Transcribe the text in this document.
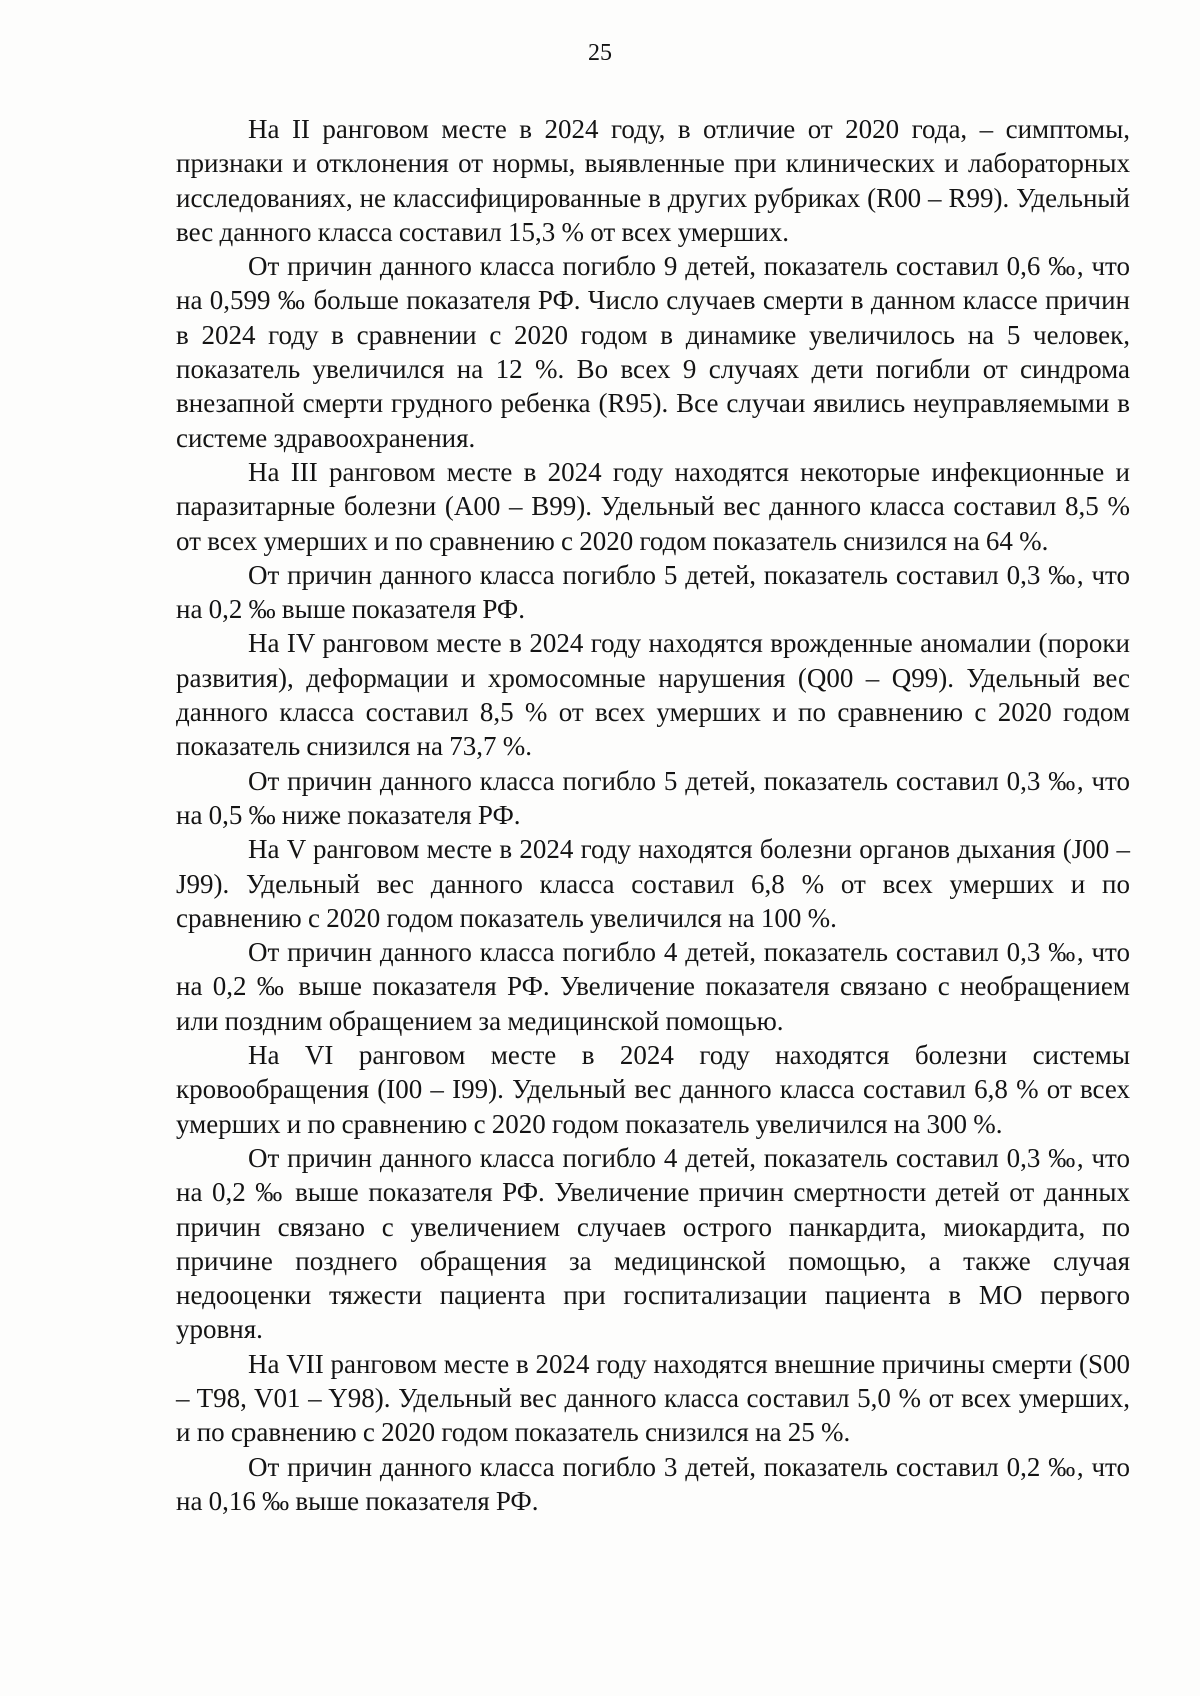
25

На II ранговом месте в 2024 году, в отличие от 2020 года, – симптомы, признаки и отклонения от нормы, выявленные при клинических и лабораторных исследованиях, не классифицированные в других рубриках (R00 – R99). Удельный вес данного класса составил 15,3 % от всех умерших.

От причин данного класса погибло 9 детей, показатель составил 0,6 ‰, что на 0,599 ‰ больше показателя РФ. Число случаев смерти в данном классе причин в 2024 году в сравнении с 2020 годом в динамике увеличилось на 5 человек, показатель увеличился на 12 %. Во всех 9 случаях дети погибли от синдрома внезапной смерти грудного ребенка (R95). Все случаи явились неуправляемыми в системе здравоохранения.

На III ранговом месте в 2024 году находятся некоторые инфекционные и паразитарные болезни (A00 – B99). Удельный вес данного класса составил 8,5 % от всех умерших и по сравнению с 2020 годом показатель снизился на 64 %.

От причин данного класса погибло 5 детей, показатель составил 0,3 ‰, что на 0,2 ‰ выше показателя РФ.

На IV ранговом месте в 2024 году находятся врожденные аномалии (пороки развития), деформации и хромосомные нарушения (Q00 – Q99). Удельный вес данного класса составил 8,5 % от всех умерших и по сравнению с 2020 годом показатель снизился на 73,7 %.

От причин данного класса погибло 5 детей, показатель составил 0,3 ‰, что на 0,5 ‰ ниже показателя РФ.

На V ранговом месте в 2024 году находятся болезни органов дыхания (J00 – J99). Удельный вес данного класса составил 6,8 % от всех умерших и по сравнению с 2020 годом показатель увеличился на 100 %.

От причин данного класса погибло 4 детей, показатель составил 0,3 ‰, что на 0,2 ‰ выше показателя РФ. Увеличение показателя связано с необращением или поздним обращением за медицинской помощью.

На VI ранговом месте в 2024 году находятся болезни системы кровообращения (I00 – I99). Удельный вес данного класса составил 6,8 % от всех умерших и по сравнению с 2020 годом показатель увеличился на 300 %.

От причин данного класса погибло 4 детей, показатель составил 0,3 ‰, что на 0,2 ‰ выше показателя РФ. Увеличение причин смертности детей от данных причин связано с увеличением случаев острого панкардита, миокардита, по причине позднего обращения за медицинской помощью, а также случая недооценки тяжести пациента при госпитализации пациента в МО первого уровня.

На VII ранговом месте в 2024 году находятся внешние причины смерти (S00 – T98, V01 – Y98). Удельный вес данного класса составил 5,0 % от всех умерших, и по сравнению с 2020 годом показатель снизился на 25 %.

От причин данного класса погибло 3 детей, показатель составил 0,2 ‰, что на 0,16 ‰ выше показателя РФ.
